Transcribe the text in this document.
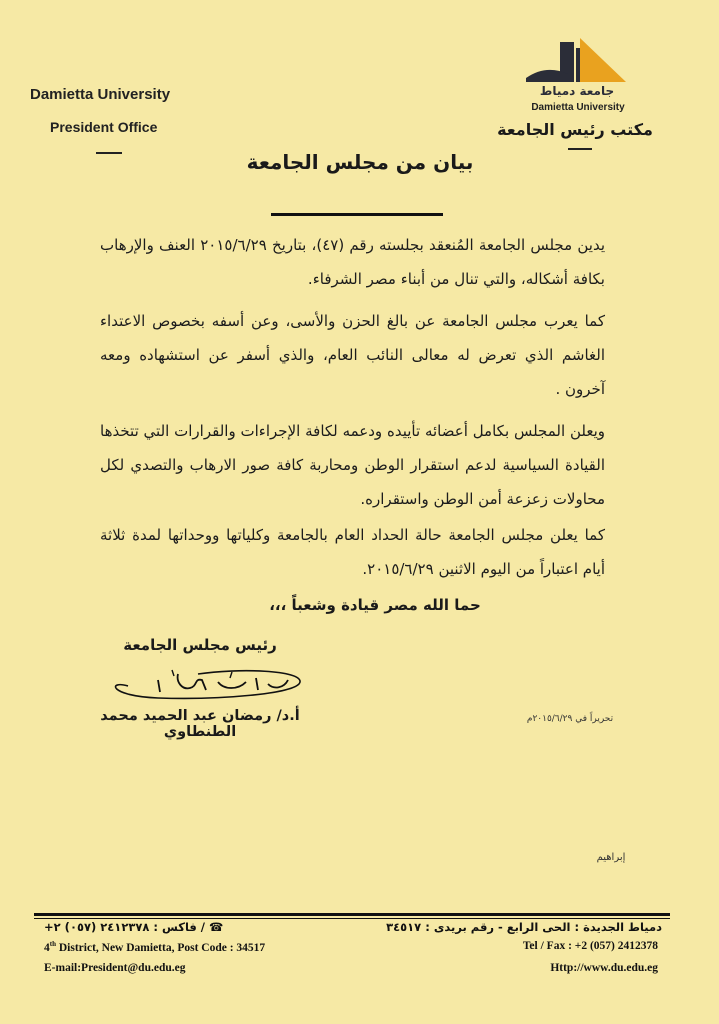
Damietta University
President Office
جامعة دمياط
Damietta University
مكتب رئيس الجامعة
بيان من مجلس الجامعة
يدين مجلس الجامعة المُنعقد بجلسته رقم (٤٧)، بتاريخ ٢٠١٥/٦/٢٩ العنف والإرهاب بكافة أشكاله، والتي تنال من أبناء مصر الشرفاء.
كما يعرب مجلس الجامعة عن بالغ الحزن والأسى، وعن أسفه بخصوص الاعتداء الغاشم الذي تعرض له معالى النائب العام، والذي أسفر عن استشهاده ومعه آخرون .
ويعلن المجلس بكامل أعضائه تأييده ودعمه لكافة الإجراءات والقرارات التي تتخذها القيادة السياسية لدعم استقرار الوطن ومحاربة كافة صور الارهاب والتصدي لكل محاولات زعزعة أمن الوطن واستقراره.
كما يعلن مجلس الجامعة حالة الحداد العام بالجامعة وكلياتها ووحداتها لمدة ثلاثة أيام اعتباراً من اليوم الاثنين ٢٠١٥/٦/٢٩.
حما الله مصر قيادة وشعباً ،،،
رئيس مجلس الجامعة
أ.د/ رمضان عبد الحميد محمد الطنطاوي
تحريراً في ٢٠١٥/٦/٢٩م
إبراهيم
دمياط الجديدة : الحى الرابع - رقم بريدى : ٣٤٥١٧
☎ / فاكس : ٢٤١٢٣٧٨ (٠٥٧) ٢+
4th District, New Damietta, Post Code : 34517	Tel / Fax : +2 (057) 2412378
E-mail:President@du.edu.eg	Http://www.du.edu.eg
